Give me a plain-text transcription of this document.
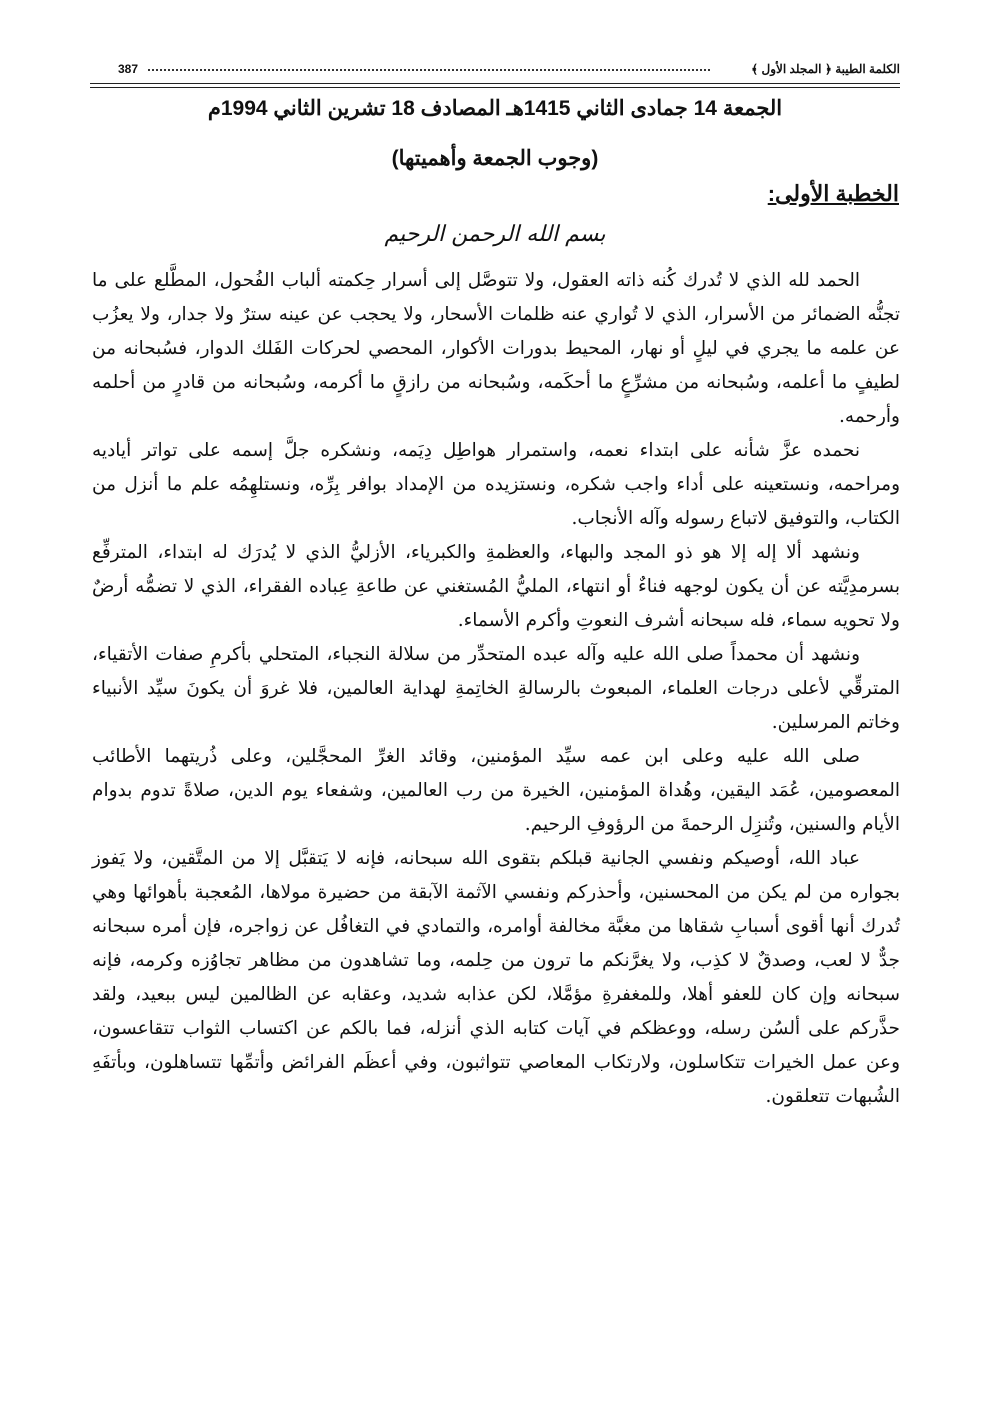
387	الكلمة الطيبة ﴿ المجلد الأول ﴾
الجمعة 14 جمادى الثاني 1415هـ المصادف 18 تشرين الثاني 1994م
(وجوب الجمعة وأهميتها)
الخطبة الأولى:
بسم الله الرحمن الرحيم

الحمد لله الذي لا تُدرك كُنه ذاته العقول، ولا تتوصَّل إلى أسرار حِكمته ألباب الفُحول، المطَّلع على ما تجنُّه الضمائر من الأسرار، الذي لا تُواري عنه ظلمات الأسحار، ولا يحجب عن عينه سترٌ ولا جدار، ولا يعزُب عن علمه ما يجري في ليلٍ أو نهار، المحيط بدورات الأكوار، المحصي لحركات الفَلك الدوار، فسُبحانه من لطيفٍ ما أعلمه، وسُبحانه من مشرِّعٍ ما أحكَمه، وسُبحانه من رازقٍ ما أكرمه، وسُبحانه من قادرٍ من أحلمه وأرحمه.

نحمده عزَّ شأنه على ابتداء نعمه، واستمرار هواطِل دِيَمه، ونشكره جلَّ إسمه على تواتر أياديه ومراحمه، ونستعينه على أداء واجب شكره، ونستزيده من الإمداد بوافر بِرِّه، ونستلهِمُه علم ما أنزل من الكتاب، والتوفيق لاتباع رسوله وآله الأنجاب.

ونشهد ألا إله إلا هو ذو المجد والبهاء، والعظمةِ والكبرياء، الأزليُّ الذي لا يُدرَك له ابتداء، المترفِّع بسرمدِيَّته عن أن يكون لوجهه فناءٌ أو انتهاء، المليُّ المُستغني عن طاعةِ عِباده الفقراء، الذي لا تضمُّه أرضٌ ولا تحويه سماء، فله سبحانه أشرف النعوتِ وأكرم الأسماء.

ونشهد أن محمداً صلى الله عليه وآله عبده المتحدِّر من سلالة النجباء، المتحلي بأكرمِ صفات الأتقياء، المترقِّي لأعلى درجات العلماء، المبعوث بالرسالةِ الخاتِمةِ لهداية العالمين، فلا غروَ أن يكونَ سيِّد الأنبياء وخاتم المرسلين.

صلى الله عليه وعلى ابن عمه سيِّد المؤمنين، وقائد الغرِّ المحجَّلين، وعلى ذُريتهما الأطائب المعصومين، عُمَد اليقين، وهُداة المؤمنين، الخيرة من رب العالمين، وشفعاء يوم الدين، صلاةً تدوم بدوام الأيام والسنين، وتُنزِل الرحمةَ من الرؤوفِ الرحيم.

عباد الله، أوصيكم ونفسي الجانية قبلكم بتقوى الله سبحانه، فإنه لا يَتقبَّل إلا من المتَّقين، ولا يَفوز بجواره من لم يكن من المحسنين، وأحذركم ونفسي الآثمة الآبقة من حضيرة مولاها، المُعجبة بأهوائها وهي تُدرك أنها أقوى أسبابِ شقاها من مغبَّة مخالفة أوامره، والتمادي في التغافُل عن زواجره، فإن أمره سبحانه جدٌّ لا لعب، وصدقٌ لا كذِب، ولا يغرَّنكم ما ترون من حِلمه، وما تشاهدون من مظاهر تجاوُزه وكرمه، فإنه سبحانه وإن كان للعفو أهلا، وللمغفرةِ مؤمَّلا، لكن عذابه شديد، وعقابه عن الظالمين ليس ببعيد، ولقد حذَّركم على ألسُن رسله، ووعظكم في آيات كتابه الذي أنزله، فما بالكم عن اكتساب الثواب تتقاعسون، وعن عمل الخيرات تتكاسلون، ولارتكاب المعاصي تتواثبون، وفي أعظَم الفرائض وأتمِّها تتساهلون، وبأتفَهِ الشُبهات تتعلقون.
